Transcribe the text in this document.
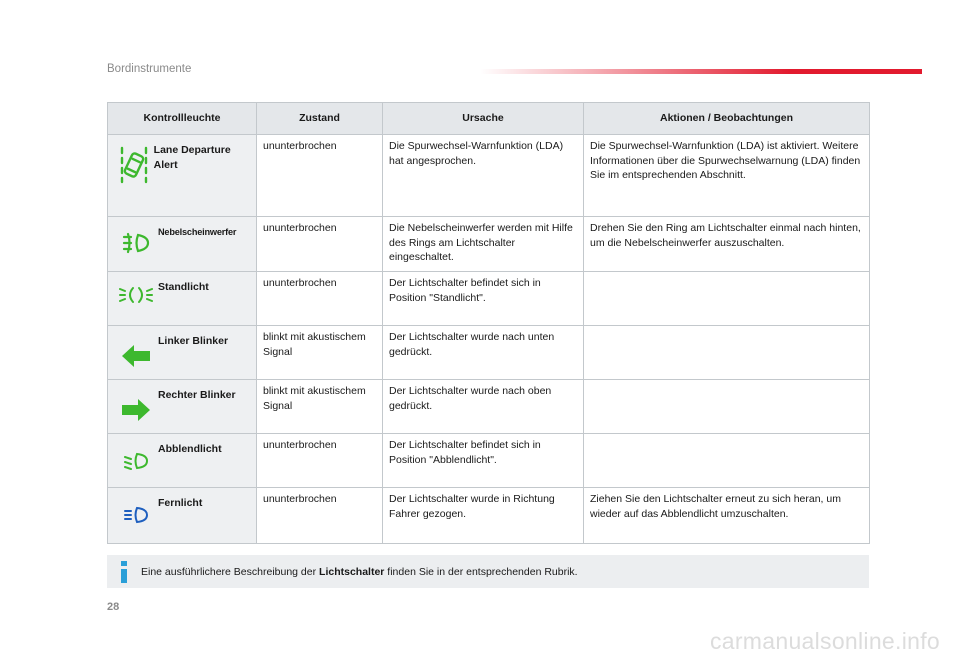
Bordinstrumente
Kontrollleuchte	Zustand	Ursache	Aktionen / Beobachtungen

Lane Departure Alert	ununterbrochen	Die Spurwechsel-Warnfunktion (LDA) hat angesprochen.	Die Spurwechsel-Warnfunktion (LDA) ist aktiviert. Weitere Informationen über die Spurwechselwarnung (LDA) finden Sie im entsprechenden Abschnitt.

Nebelscheinwerfer	ununterbrochen	Die Nebelscheinwerfer werden mit Hilfe des Rings am Lichtschalter eingeschaltet.	Drehen Sie den Ring am Lichtschalter einmal nach hinten, um die Nebelscheinwerfer auszuschalten.

Standlicht	ununterbrochen	Der Lichtschalter befindet sich in Position "Standlicht".	

Linker Blinker	blinkt mit akustischem Signal	Der Lichtschalter wurde nach unten gedrückt.	

Rechter Blinker	blinkt mit akustischem Signal	Der Lichtschalter wurde nach oben gedrückt.	

Abblendlicht	ununterbrochen	Der Lichtschalter befindet sich in Position "Abblendlicht".	

Fernlicht	ununterbrochen	Der Lichtschalter wurde in Richtung Fahrer gezogen.	Ziehen Sie den Lichtschalter erneut zu sich heran, um wieder auf das Abblendlicht umzuschalten.
Eine ausführlichere Beschreibung der Lichtschalter finden Sie in der entsprechenden Rubrik.
28
carmanualsonline.info
